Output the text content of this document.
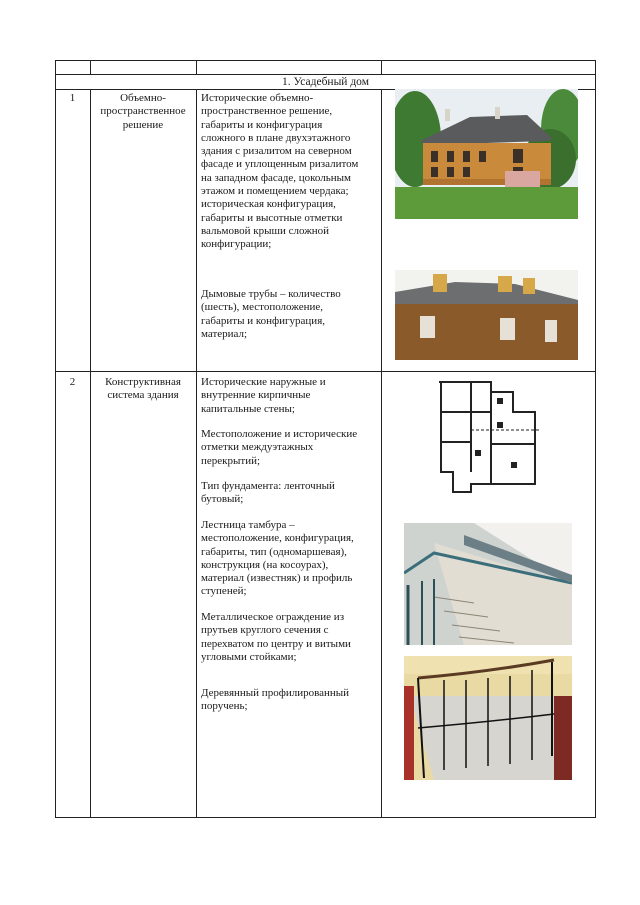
1. Усадебный дом
1	Объемно-
пространственное
решение
Исторические объемно-
пространственное решение,
габариты и конфигурация
сложного в плане двухэтажного
здания с ризалитом на северном
фасаде и уплощенным ризалитом
на западном фасаде, цокольным
этажом и помещением чердака;
историческая конфигурация,
габариты и высотные отметки
вальмовой крыши сложной
конфигурации;
Дымовые трубы – количество
(шесть), местоположение,
габариты и конфигурация,
материал;
2	Конструктивная
система здания
Исторические наружные и
внутренние кирпичные
капитальные стены;
Местоположение и исторические
отметки междуэтажных
перекрытий;
Тип фундамента: ленточный
бутовый;
Лестница тамбура –
местоположение, конфигурация,
габариты, тип (одномаршевая),
конструкция (на косоурах),
материал (известняк) и профиль
ступеней;
Металлическое ограждение из
прутьев круглого сечения с
перехватом по центру и витыми
угловыми стойками;
Деревянный профилированный
поручень;
